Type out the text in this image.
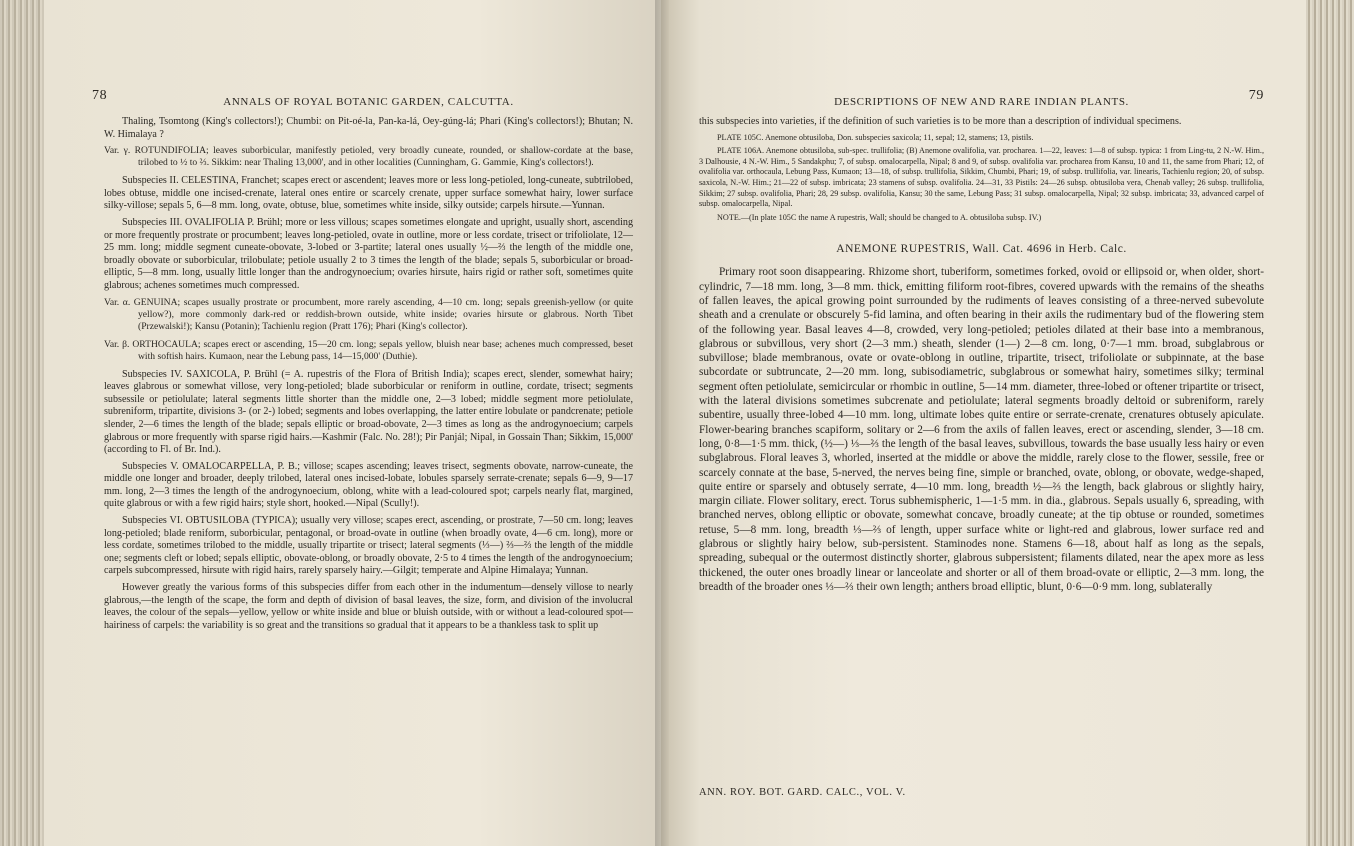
78	ANNALS OF ROYAL BOTANIC GARDEN, CALCUTTA.

Thaling, Tsomtong (King's collectors!); Chumbi: on Pit-oé-la, Pan-ka-lá, Oey-gúng-lá; Phari (King's collectors!); Bhutan; N. W. Himalaya ?

Var. γ. ROTUNDIFOLIA; leaves suborbicular, manifestly petioled, very broadly cuneate, rounded, or shallow-cordate at the base, trilobed to ½ to ⅔. Sikkim: near Thaling 13,000', and in other localities (Cunningham, G. Gammie, King's collectors!).

Subspecies II. CELESTINA, Franchet; scapes erect or ascendent; leaves more or less long-petioled, long-cuneate, subtrilobed, lobes obtuse, middle one incised-crenate, lateral ones entire or scarcely crenate, upper surface somewhat hairy, lower surface silky-villose; sepals 5, 6—8 mm. long, ovate, obtuse, blue, sometimes white inside, silky outside; carpels hirsute.—Yunnan.

Subspecies III. OVALIFOLIA P. Brühl; more or less villous; scapes sometimes elongate and upright, usually short, ascending or more frequently prostrate or procumbent; leaves long-petioled, ovate in outline, more or less cordate, trisect or trifoliolate, 12—25 mm. long; middle segment cuneate-obovate, 3-lobed or 3-partite; lateral ones usually ½—⅔ the length of the middle one, broadly obovate or suborbicular, trilobulate; petiole usually 2 to 3 times the length of the blade; sepals 5, suborbicular or broad-elliptic, 5—8 mm. long, usually little longer than the androgynoecium; ovaries hirsute, hairs rigid or rather soft, sometimes quite glabrous; achenes sometimes much compressed.

Var. α. GENUINA; scapes usually prostrate or procumbent, more rarely ascending, 4—10 cm. long; sepals greenish-yellow (or quite yellow?), more commonly dark-red or reddish-brown outside, white inside; ovaries hirsute or glabrous. North Tibet (Przewalski!); Kansu (Potanin); Tachienlu region (Pratt 176); Phari (King's collector).

Var. β. ORTHOCAULA; scapes erect or ascending, 15—20 cm. long; sepals yellow, bluish near base; achenes much compressed, beset with softish hairs. Kumaon, near the Lebung pass, 14—15,000' (Duthie).

Subspecies IV. SAXICOLA, P. Brühl (= A. rupestris of the Flora of British India); scapes erect, slender, somewhat hairy; leaves glabrous or somewhat villose, very long-petioled; blade suborbicular or reniform in outline, cordate, trisect; segments subsessile or petiolulate; lateral segments little shorter than the middle one, 2—3 lobed; middle segment more petiolulate, subreniform, tripartite, divisions 3- (or 2-) lobed; segments and lobes overlapping, the latter entire lobulate or pandcrenate; petiole slender, 2—6 times the length of the blade; sepals elliptic or broad-obovate, 2—3 times as long as the androgynoecium; carpels glabrous or more frequently with sparse rigid hairs.—Kashmir (Falc. No. 28!); Pir Panjál; Nipal, in Gossain Than; Sikkim, 15,000' (according to Fl. of Br. Ind.).

Subspecies V. OMALOCARPELLA, P. B.; villose; scapes ascending; leaves trisect, segments obovate, narrow-cuneate, the middle one longer and broader, deeply trilobed, lateral ones incised-lobate, lobules sparsely serrate-crenate; sepals 6—9, 9—17 mm. long, 2—3 times the length of the androgynoecium, oblong, white with a lead-coloured spot; carpels nearly flat, margined, quite glabrous or with a few rigid hairs; style short, hooked.—Nipal (Scully!).

Subspecies VI. OBTUSILOBA (TYPICA); usually very villose; scapes erect, ascending, or prostrate, 7—50 cm. long; leaves long-petioled; blade reniform, suborbicular, pentagonal, or broad-ovate in outline (when broadly ovate, 4—6 cm. long), more or less cordate, sometimes trilobed to the middle, usually tripartite or trisect; lateral segments (⅓—) ⅔—⅔ the length of the middle one; segments cleft or lobed; sepals elliptic, obovate-oblong, or broadly obovate, 2·5 to 4 times the length of the androgynoecium; carpels subcompressed, hirsute with rigid hairs, rarely sparsely hairy.—Gilgit; temperate and Alpine Himalaya; Yunnan.

However greatly the various forms of this subspecies differ from each other in the indumentum—densely villose to nearly glabrous,—the length of the scape, the form and depth of division of basal leaves, the size, form, and division of the involucral leaves, the colour of the sepals—yellow, yellow or white inside and blue or bluish outside, with or without a lead-coloured spot—hairiness of carpels: the variability is so great and the transitions so gradual that it appears to be a thankless task to split up

DESCRIPTIONS OF NEW AND RARE INDIAN PLANTS.	79

this subspecies into varieties, if the definition of such varieties is to be more than a description of individual specimens.

PLATE 105C. Anemone obtusiloba, Don. subspecies saxicola; 11, sepal; 12, stamens; 13, pistils.

PLATE 106A. Anemone obtusiloba, sub-spec. trullifolia; (B) Anemone ovalifolia, var. procharea. 1—22, leaves: 1—8 of subsp. typica: 1 from Ling-tu, 2 N.-W. Him., 3 Dalhousie, 4 N.-W. Him., 5 Sandakphu; 7, of subsp. omalocarpella, Nipal; 8 and 9, of subsp. ovalifolia var. procharea from Kansu, 10 and 11, the same from Phari; 12, of ovalifolia var. orthocaula, Lebung Pass, Kumaon; 13—18, of subsp. trullifolia, Sikkim, Chumbi, Phari; 19, of subsp. trullifolia, var. linearis, Tachienlu region; 20, of subsp. saxicola, N.-W. Him.; 21—22 of subsp. imbricata; 23 stamens of subsp. ovalifolia. 24—31, 33 Pistils: 24—26 subsp. obtusiloba vera, Chenab valley; 26 subsp. trullifolia, Sikkim; 27 subsp. ovalifolia, Phari; 28, 29 subsp. ovalifolia, Kansu; 30 the same, Lebung Pass; 31 subsp. omalocarpella, Nipal; 32 subsp. imbricata; 33, advanced carpel of subsp. omalocarpella, Nipal.

NOTE.—(In plate 105C the name A rupestris, Wall; should be changed to A. obtusiloba subsp. IV.)

ANEMONE RUPESTRIS, Wall. Cat. 4696 in Herb. Calc.

Primary root soon disappearing. Rhizome short, tuberiform, sometimes forked, ovoid or ellipsoid or, when older, short-cylindric, 7—18 mm. long, 3—8 mm. thick, emitting filiform root-fibres, covered upwards with the remains of the sheaths of fallen leaves, the apical growing point surrounded by the rudiments of leaves consisting of a three-nerved subevolute sheath and a crenulate or obscurely 5-fid lamina, and often bearing in their axils the rudimentary bud of the flowering stem of the following year. Basal leaves 4—8, crowded, very long-petioled; petioles dilated at their base into a membranous, glabrous or subvillous, very short (2—3 mm.) sheath, slender (1—) 2—8 cm. long, 0·7—1 mm. broad, subglabrous or subvillose; blade membranous, ovate or ovate-oblong in outline, tripartite, trisect, trifoliolate or subpinnate, at the base subcordate or subtruncate, 2—20 mm. long, subisodiametric, subglabrous or somewhat hairy, sometimes silky; terminal segment often petiolulate, semicircular or rhombic in outline, 5—14 mm. diameter, three-lobed or oftener tripartite or trisect, with the lateral divisions sometimes subcrenate and petiolulate; lateral segments broadly deltoid or subreniform, rarely subentire, usually three-lobed 4—10 mm. long, ultimate lobes quite entire or serrate-crenate, crenatures obtusely apiculate. Flower-bearing branches scapiform, solitary or 2—6 from the axils of fallen leaves, erect or ascending, slender, 3—18 cm. long, 0·8—1·5 mm. thick, (½—) ⅓—⅔ the length of the basal leaves, subvillous, towards the base usually less hairy or even subglabrous. Floral leaves 3, whorled, inserted at the middle or above the middle, rarely close to the flower, sessile, free or scarcely connate at the base, 5-nerved, the nerves being fine, simple or branched, ovate, oblong, or obovate, wedge-shaped, quite entire or sparsely and obtusely serrate, 4—10 mm. long, breadth ½—⅔ the length, back glabrous or slightly hairy, margin ciliate. Flower solitary, erect. Torus subhemispheric, 1—1·5 mm. in dia., glabrous. Sepals usually 6, spreading, with branched nerves, oblong elliptic or obovate, somewhat concave, broadly cuneate; at the tip obtuse or rounded, sometimes retuse, 5—8 mm. long, breadth ⅓—⅔ of length, upper surface white or light-red and glabrous, lower surface red and glabrous or slightly hairy below, sub-persistent. Staminodes none. Stamens 6—18, about half as long as the sepals, spreading, subequal or the outermost distinctly shorter, glabrous subpersistent; filaments dilated, near the apex more as less thickened, the outer ones broadly linear or lanceolate and shorter or all of them broad-ovate or elliptic, 2—3 mm. long, the breadth of the broader ones ⅓—⅔ their own length; anthers broad elliptic, blunt, 0·6—0·9 mm. long, sublaterally

ANN. ROY. BOT. GARD. CALC., VOL. V.
